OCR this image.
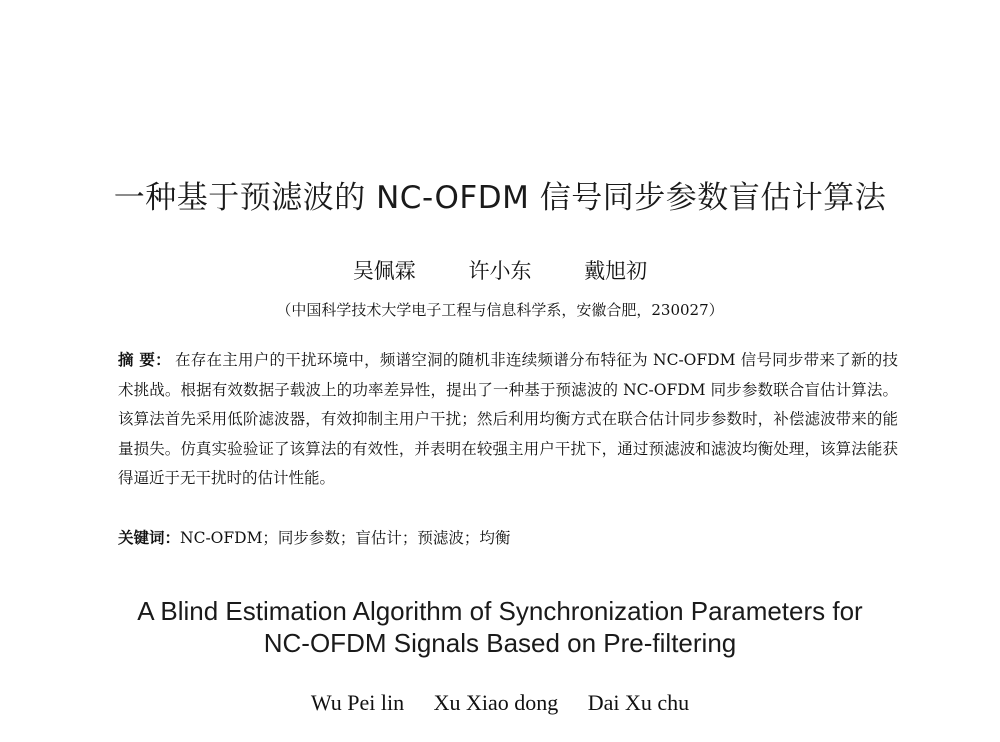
一种基于预滤波的 NC-OFDM 信号同步参数盲估计算法
吴佩霖	许小东	戴旭初
（中国科学技术大学电子工程与信息科学系，安徽合肥，230027）
摘 要： 在存在主用户的干扰环境中，频谱空洞的随机非连续频谱分布特征为 NC-OFDM 信号同步带来了新的技术挑战。根据有效数据子载波上的功率差异性，提出了一种基于预滤波的 NC-OFDM 同步参数联合盲估计算法。该算法首先采用低阶滤波器，有效抑制主用户干扰；然后利用均衡方式在联合估计同步参数时，补偿滤波带来的能量损失。仿真实验验证了该算法的有效性，并表明在较强主用户干扰下，通过预滤波和滤波均衡处理，该算法能获得逼近于无干扰时的估计性能。
关键词：NC-OFDM；同步参数；盲估计；预滤波；均衡
A Blind Estimation Algorithm of Synchronization Parameters for
NC-OFDM Signals Based on Pre-filtering
Wu Pei lin Xu Xiao dong Dai Xu chu
